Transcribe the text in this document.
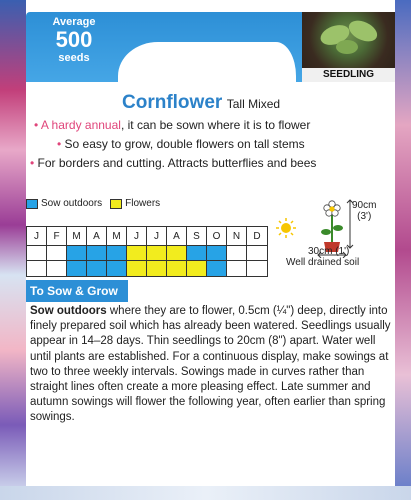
Average
500
seeds
SEEDLING
Cornflower Tall Mixed
• A hardy annual, it can be sown where it is to flower
• So easy to grow, double flowers on tall stems
• For borders and cutting. Attracts butterflies and bees
Sow outdoors Flowers
J	F	M	A	M	J	J	A	S	O	N	D
90cm
(3')
30cm (1')
Well drained soil
To Sow & Grow
Sow outdoors where they are to flower, 0.5cm (¼") deep, directly into finely prepared soil which has already been watered. Seedlings usually appear in 14–28 days. Thin seedlings to 20cm (8") apart. Water well until plants are established. For a continuous display, make sowings at two to three weekly intervals. Sowings made in curves rather than straight lines often create a more pleasing effect. Late summer and autumn sowings will flower the following year, often earlier than spring sowings.
